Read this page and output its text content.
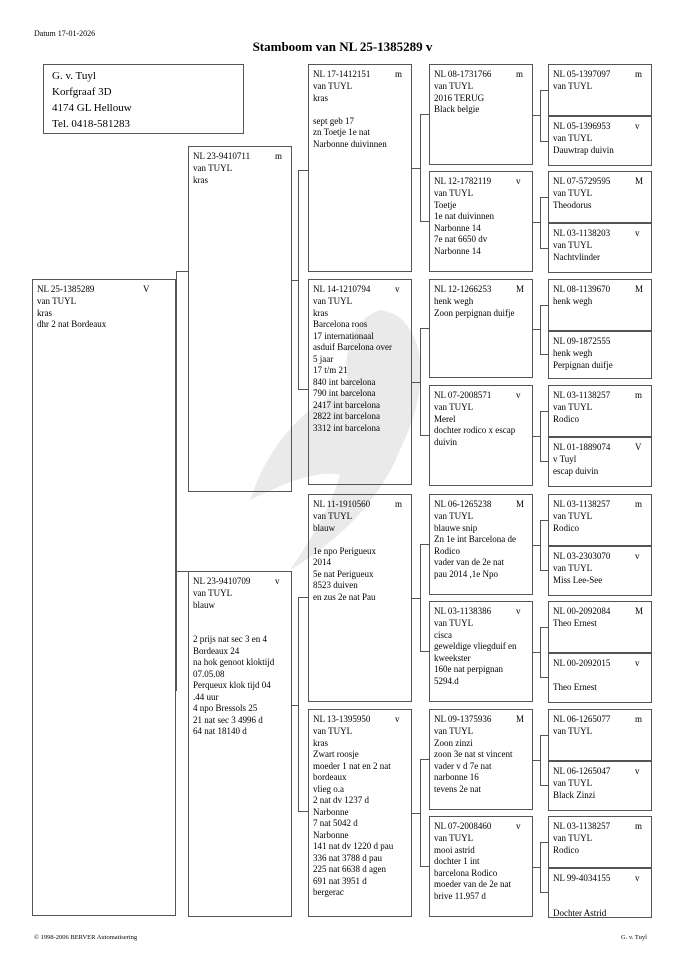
Datum 17-01-2026
Stamboom van NL 25-1385289 v
G. v. Tuyl
Korfgraaf 3D
4174 GL Hellouw
Tel. 0418-581283
NL 25-1385289	V
van TUYL
kras
dhr 2 nat Bordeaux
NL 23-9410711	m
van TUYL
kras
NL 23-9410709	v
van TUYL
blauw

2 prijs nat sec 3 en 4
Bordeaux 24
na hok genoot kloktijd
07.05.08
Perqueux klok tijd 04
.44 uur
4 npo Bressols 25
21 nat sec 3 4996 d
64 nat 18140 d
NL 17-1412151	m
van TUYL
kras

sept geb 17
zn Toetje 1e nat
Narbonne duivinnen
NL 14-1210794	v
van TUYL
kras
Barcelona roos
17 internationaal
asduif Barcelona over
5 jaar
17 t/m 21
840 int barcelona
790 int barcelona
2417 int barcelona
2822 int barcelona
3312 int barcelona
NL 11-1910560	m
van TUYL
blauw

1e npo Perigueux
2014
5e nat Perigueux
8523 duiven
en zus 2e nat Pau
NL 13-1395950	v
van TUYL
kras
Zwart roosje
moeder 1 nat en 2 nat
bordeaux
vlieg o.a
2 nat dv 1237 d
Narbonne
7 nat 5042 d
Narbonne
141 nat dv 1220 d pau
336 nat 3788 d pau
225 nat 6638 d agen
691 nat 3951 d
bergerac
NL 08-1731766	m
van TUYL
2016 TERUG
Black belgie
NL 12-1782119	v
van TUYL
Toetje
1e nat duivinnen
Narbonne 14
7e nat 6650 dv
Narbonne 14
NL 12-1266253	M
henk wegh
Zoon perpignan duifje
NL 07-2008571	v
van TUYL
Merel
dochter rodico x escap
duivin
NL 06-1265238	M
van TUYL
blauwe snip
Zn 1e int Barcelona de
Rodico
vader van de 2e nat
pau 2014 ,1e Npo
NL 03-1138386	v
van TUYL
cisca
geweldige vliegduif en
kweekster
160e nat perpignan
5294.d
NL 09-1375936	M
van TUYL
Zoon zinzi
zoon 3e nat st vincent
vader v d 7e nat
narbonne 16
tevens 2e nat
NL 07-2008460	v
van TUYL
mooi astrid
dochter 1 int
barcelona Rodico
moeder van de 2e nat
brive 11.957 d
NL 05-1397097	m
van TUYL
NL 05-1396953	v
van TUYL
Dauwtrap duivin
NL 07-5729595	M
van TUYL
Theodorus
NL 03-1138203	v
van TUYL
Nachtvlinder
NL 08-1139670	M
henk wegh
NL 09-1872555
henk wegh
Perpignan duifje
NL 03-1138257	m
van TUYL
Rodico
NL 01-1889074	V
v Tuyl
escap duivin
NL 03-1138257	m
van TUYL
Rodico
NL 03-2303070	v
van TUYL
Miss Lee-See
NL 00-2092084	M
Theo Ernest
NL 00-2092015	v

Theo Ernest
NL 06-1265077	m
van TUYL
NL 06-1265047	v
van TUYL
Black Zinzi
NL 03-1138257	m
van TUYL
Rodico
NL 99-4034155	v

Dochter Astrid
© 1998-2006 BERVER Automatisering	G. v. Tuyl
